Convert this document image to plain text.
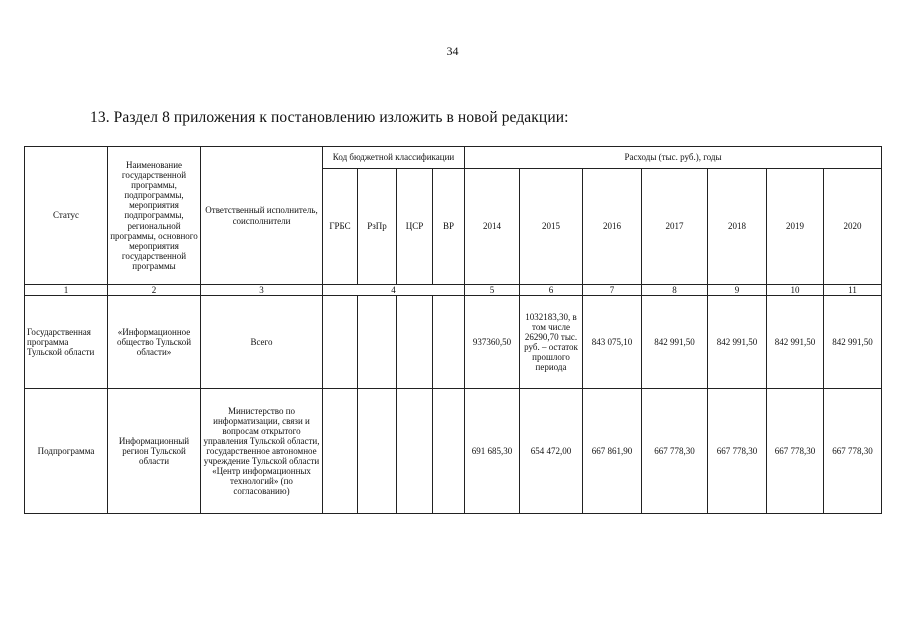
34
13. Раздел 8 приложения к постановлению изложить в новой редакции:
Статус	Наименование государственной программы, подпрограммы, мероприятия подпрограммы, региональной программы, основного мероприятия государственной программы	Ответственный исполнитель, соисполнители	Код бюджетной классификации				Расходы (тыс. руб.), годы						
			ГРБС	РзПр	ЦСР	ВР	2014	2015	2016	2017	2018	2019	2020
1	2	3	4				5	6	7	8	9	10	11
Государственная программа Тульской области	«Информационное общество Тульской области»	Всего					937360,50	1032183,30, в том числе 26290,70 тыс. руб. – остаток прошлого периода	843 075,10	842 991,50	842 991,50	842 991,50	842 991,50
Подпрограмма	Информационный регион Тульской области	Министерство по информатизации, связи и вопросам открытого управления Тульской области, государственное автономное учреждение Тульской области «Центр информационных технологий» (по согласованию)					691 685,30	654 472,00	667 861,90	667 778,30	667 778,30	667 778,30	667 778,30
